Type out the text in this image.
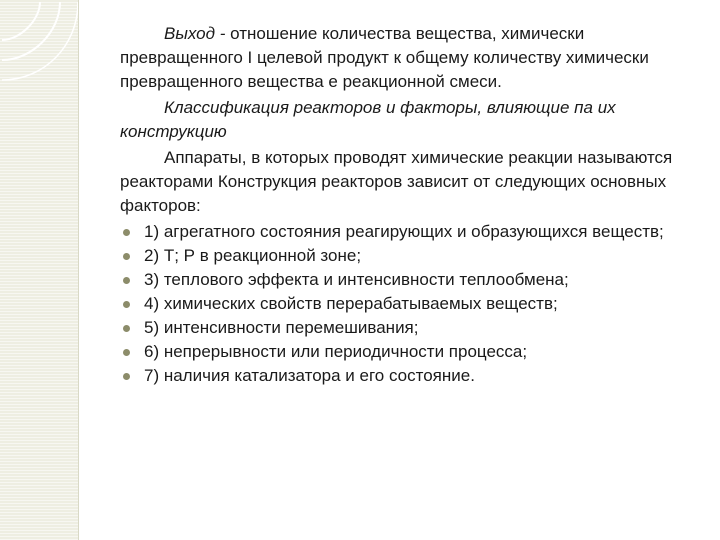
Выход - отношение количества вещества, химически превращенного I целевой продукт к общему количеству химически превращенного вещества е реакционной смеси.

Классификация реакторов и факторы, влияющие па их конструкцию

Аппараты, в которых проводят химические реакции называются реакторами Конструкция реакторов зависит от следующих основных факторов:

1) агрегатного состояния реагирующих и образующихся веществ;
2) Т; Р в реакционной зоне;
3) теплового эффекта и интенсивности теплообмена;
4) химических свойств перерабатываемых веществ;
5) интенсивности перемешивания;
6) непрерывности или периодичности процесса;
7) наличия катализатора и его состояние.
